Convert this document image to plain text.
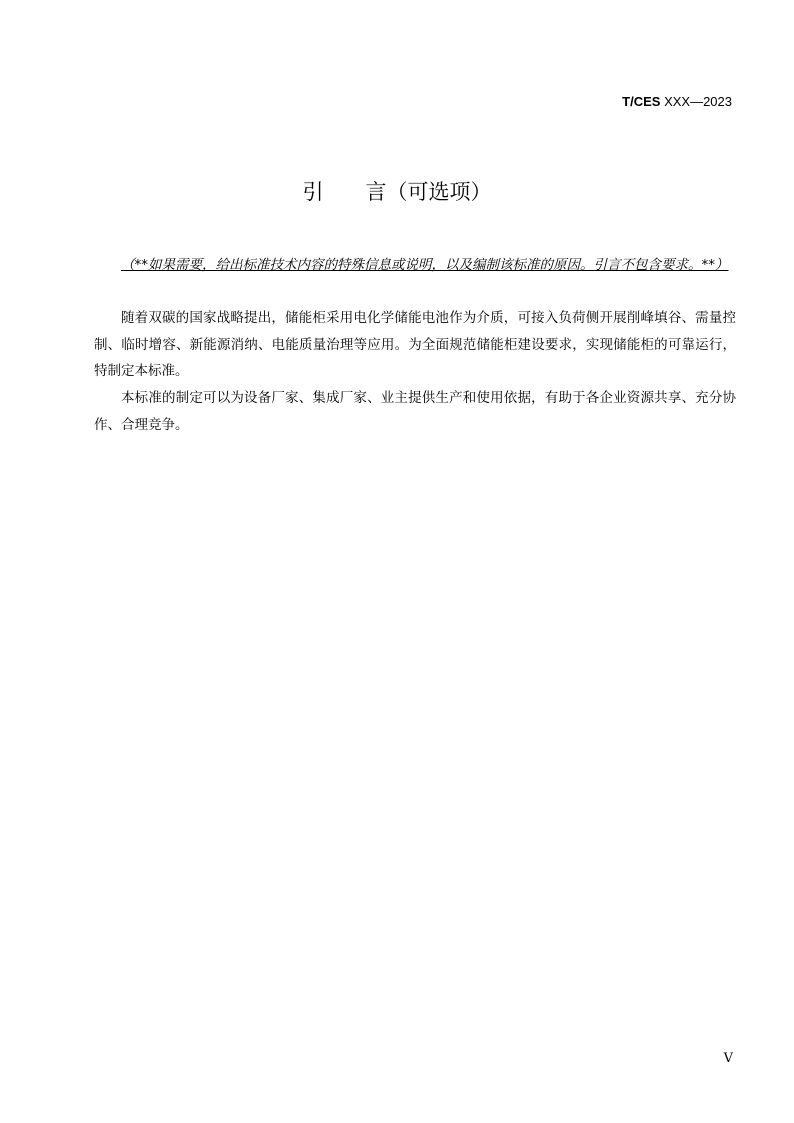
T/CES XXX—2023
引 言（可选项）
（**如果需要，给出标准技术内容的特殊信息或说明，以及编制该标准的原因。引言不包含要求。**）

随着双碳的国家战略提出，储能柜采用电化学储能电池作为介质，可接入负荷侧开展削峰填谷、需量控制、临时增容、新能源消纳、电能质量治理等应用。为全面规范储能柜建设要求，实现储能柜的可靠运行，特制定本标准。

本标准的制定可以为设备厂家、集成厂家、业主提供生产和使用依据，有助于各企业资源共享、充分协作、合理竞争。

V
